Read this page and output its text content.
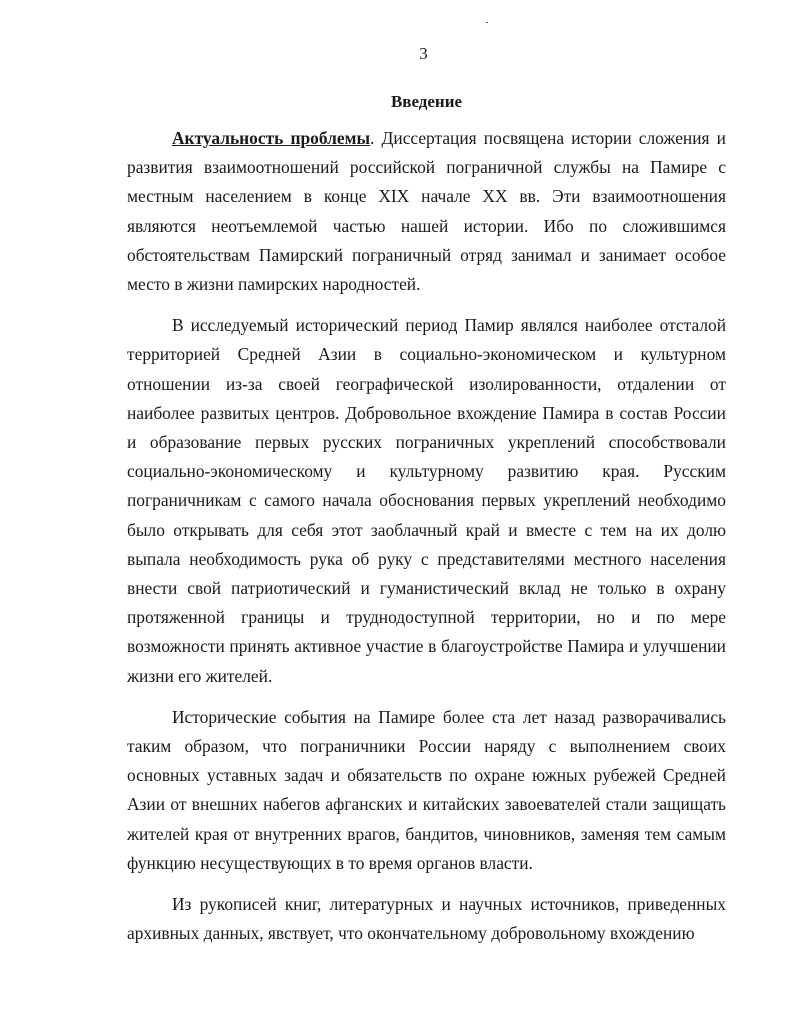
3
Введение

Актуальность проблемы. Диссертация посвящена истории сложения и развития взаимоотношений российской пограничной службы на Памире с местным населением в конце XIX начале XX вв. Эти взаимоотношения являются неотъемлемой частью нашей истории. Ибо по сложившимся обстоятельствам Памирский пограничный отряд занимал и занимает особое место в жизни памирских народностей.

В исследуемый исторический период Памир являлся наиболее отсталой территорией Средней Азии в социально-экономическом и культурном отношении из-за своей географической изолированности, отдалении от наиболее развитых центров. Добровольное вхождение Памира в состав России и образование первых русских пограничных укреплений способствовали социально-экономическому и культурному развитию края. Русским пограничникам с самого начала обоснования первых укреплений необходимо было открывать для себя этот заоблачный край и вместе с тем на их долю выпала необходимость рука об руку с представителями местного населения внести свой патриотический и гуманистический вклад не только в охрану протяженной границы и труднодоступной территории, но и по мере возможности принять активное участие в благоустройстве Памира и улучшении жизни его жителей.

Исторические события на Памире более ста лет назад разворачивались таким образом, что пограничники России наряду с выполнением своих основных уставных задач и обязательств по охране южных рубежей Средней Азии от внешних набегов афганских и китайских завоевателей стали защищать жителей края от внутренних врагов, бандитов, чиновников, заменяя тем самым функцию несуществующих в то время органов власти.

Из рукописей книг, литературных и научных источников, приведенных архивных данных, явствует, что окончательному добровольному вхождению
